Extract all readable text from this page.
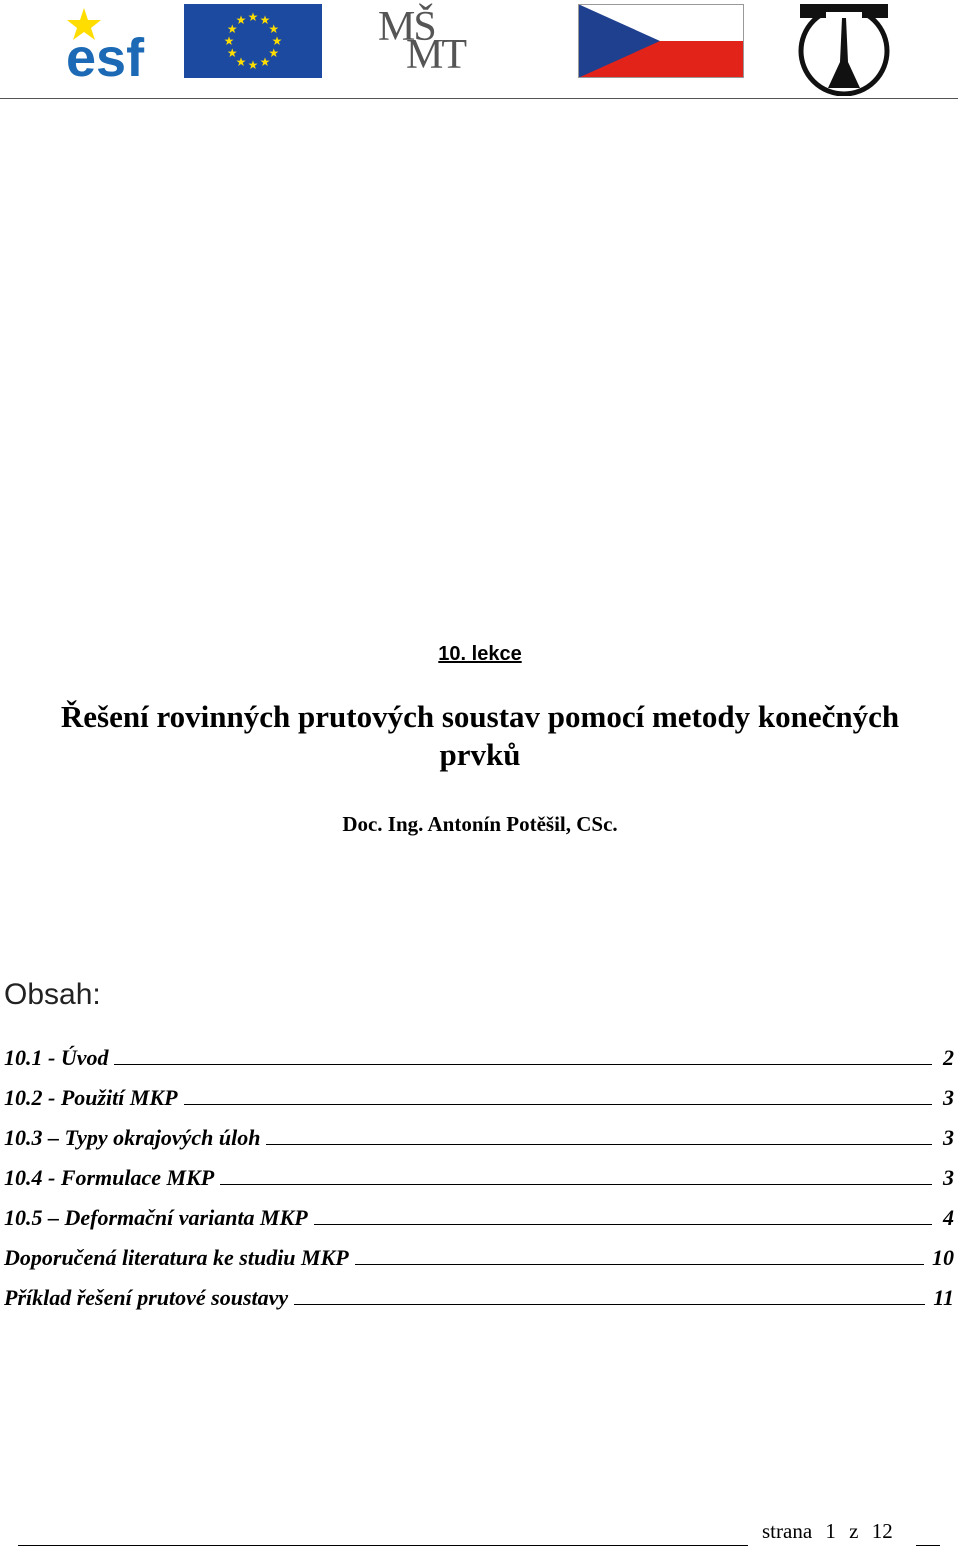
esf
★ ★
★
★
★
★
★
★
★
★
★
★	MŠ
MT
10. lekce
Řešení rovinných prutových soustav pomocí metody konečných prvků
Doc. Ing. Antonín Potěšil, CSc.
Obsah:
10.1 - Úvod	2
10.2 - Použití MKP	3
10.3 – Typy okrajových úloh	3
10.4 - Formulace MKP	3
10.5 – Deformační varianta MKP	4
Doporučená literatura ke studiu MKP	10
Příklad řešení prutové soustavy	11
strana 1 z 12
